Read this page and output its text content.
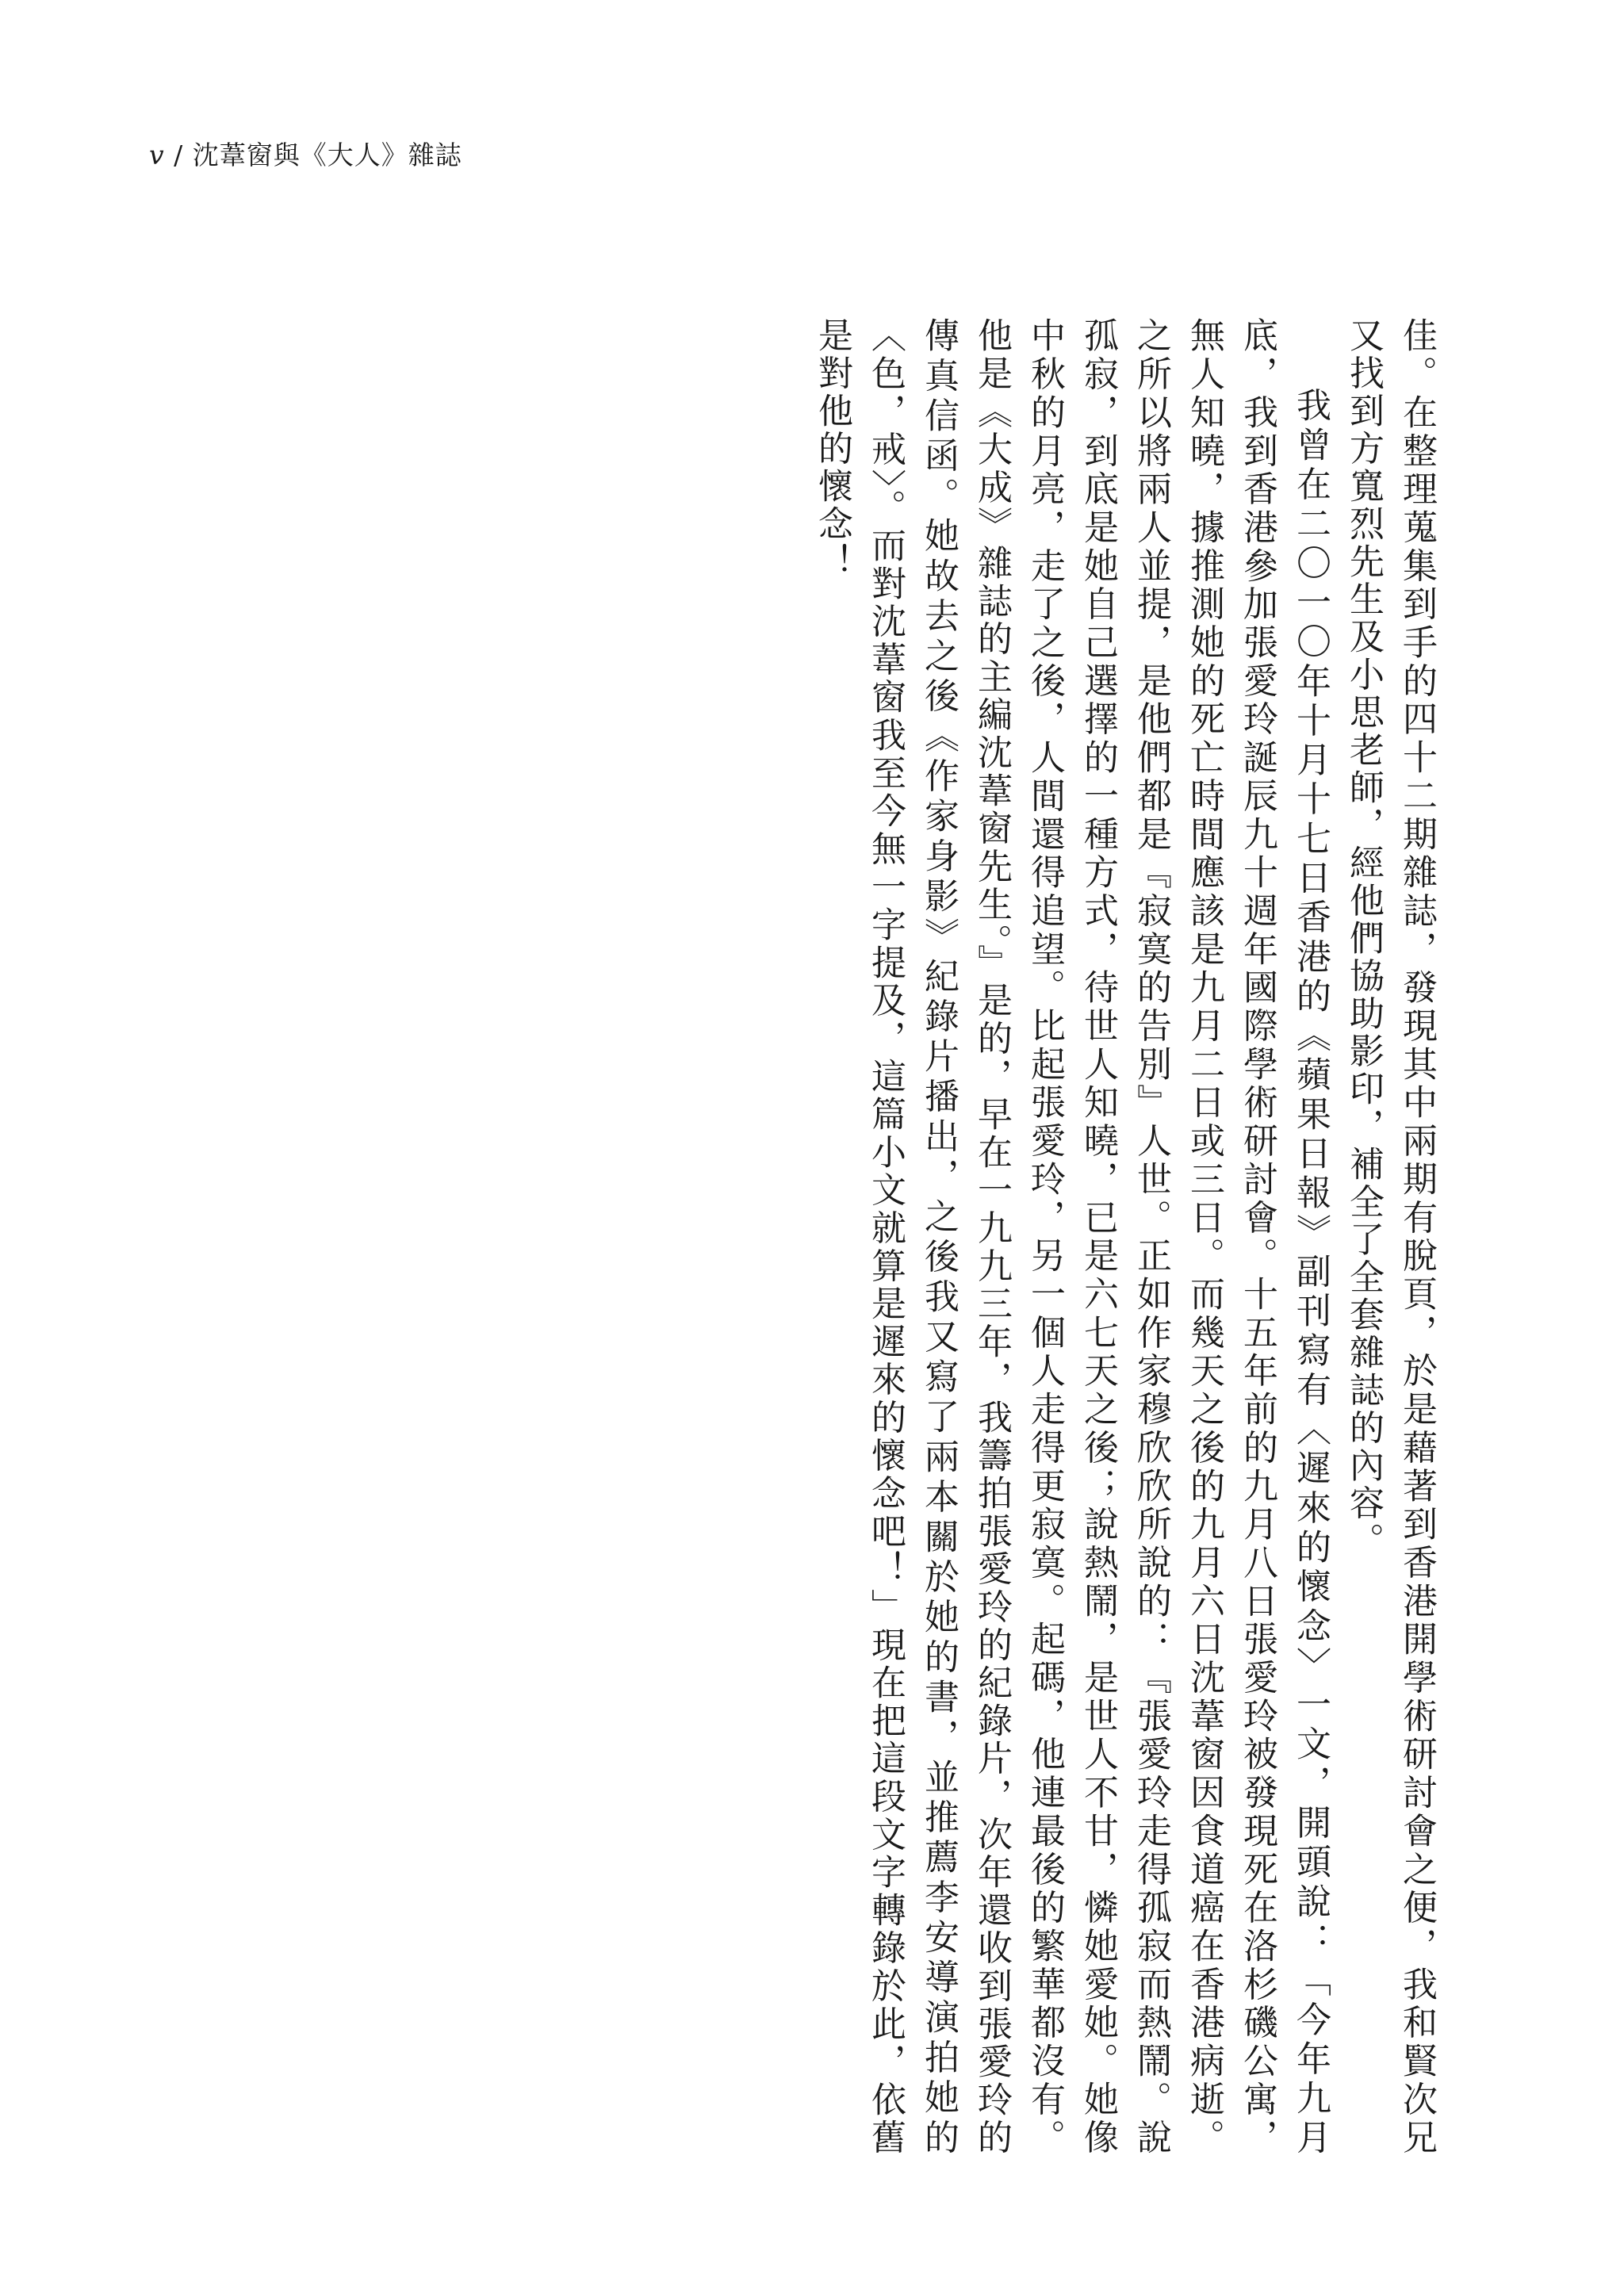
v / 沈葦窗與《大人》雜誌

佳。在整理蒐集到手的四十二期雜誌，發現其中兩期有脫頁，於是藉著到香港開學術研討會之便，我和賢次兄又找到方寬烈先生及小思老師，經他們協助影印，補全了全套雜誌的內容。

我曾在二〇一〇年十月十七日香港的《蘋果日報》副刊寫有〈遲來的懷念〉一文，開頭說：「今年九月底，我到香港參加張愛玲誕辰九十週年國際學術研討會。十五年前的九月八日張愛玲被發現死在洛杉磯公寓，無人知曉，據推測她的死亡時間應該是九月二日或三日。而幾天之後的九月六日沈葦窗因食道癌在香港病逝。之所以將兩人並提，是他們都是『寂寞的告別』人世。正如作家穆欣欣所說的：『張愛玲走得孤寂而熱鬧。說孤寂，到底是她自己選擇的一種方式，待世人知曉，已是六七天之後；說熱鬧，是世人不甘，憐她愛她。她像中秋的月亮，走了之後，人間還得追望。比起張愛玲，另一個人走得更寂寞。起碼，他連最後的繁華都沒有。他是《大成》雜誌的主編沈葦窗先生。』是的，早在一九九三年，我籌拍張愛玲的紀錄片，次年還收到張愛玲的傳真信函。她故去之後《作家身影》紀錄片播出，之後我又寫了兩本關於她的書，並推薦李安導演拍她的〈色，戒〉。而對沈葦窗我至今無一字提及，這篇小文就算是遲來的懷念吧！」現在把這段文字轉錄於此，依舊是對他的懷念！
